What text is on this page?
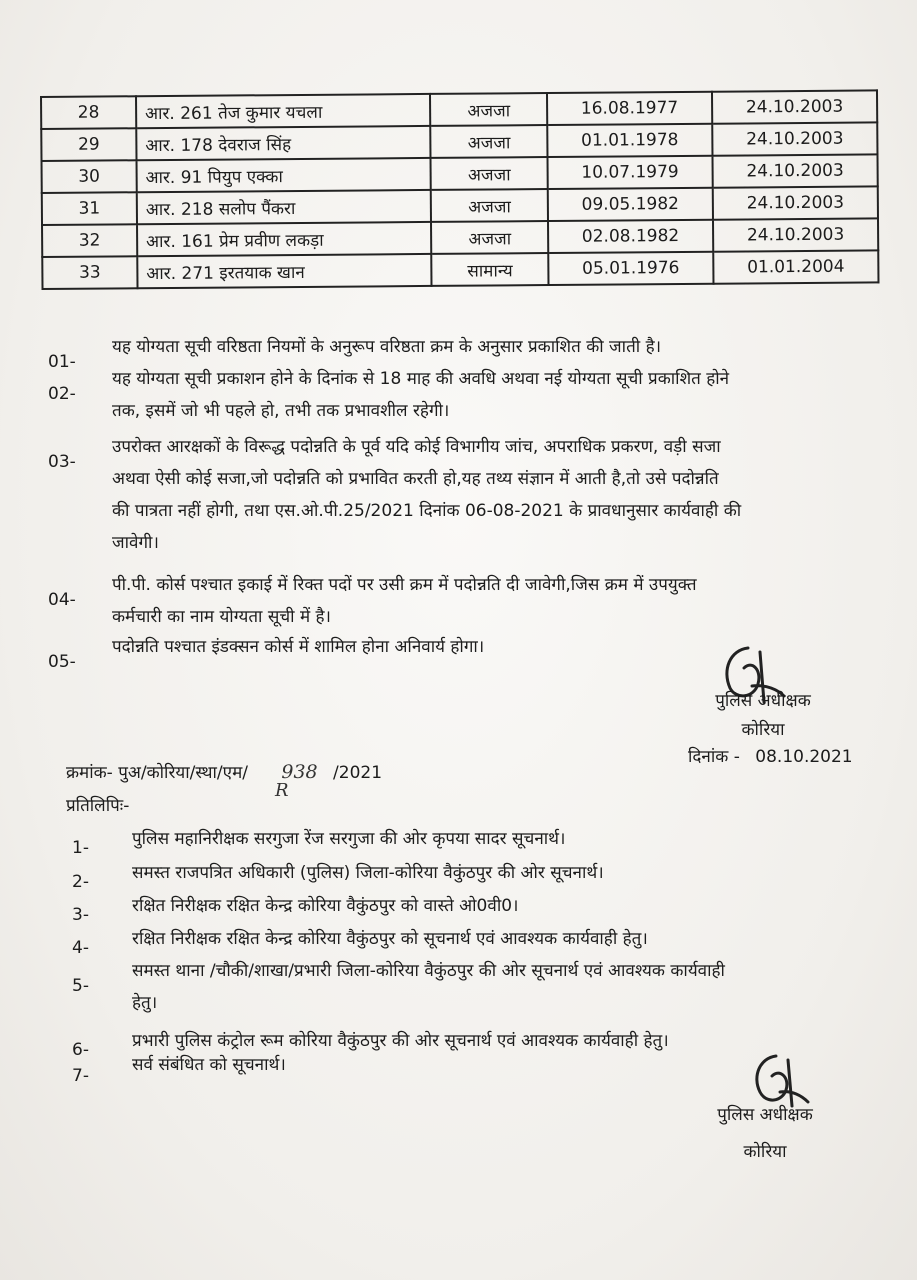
28	आर. 261 तेज कुमार यचला	अजजा	16.08.1977	24.10.2003
29	आर. 178 देवराज सिंह	अजजा	01.01.1978	24.10.2003
30	आर. 91 पियुप एक्का	अजजा	10.07.1979	24.10.2003
31	आर. 218 सलोप पैंकरा	अजजा	09.05.1982	24.10.2003
32	आर. 161 प्रेम प्रवीण लकड़ा	अजजा	02.08.1982	24.10.2003
33	आर. 271 इरतयाक खान	सामान्य	05.01.1976	01.01.2004
01-
यह योग्यता सूची वरिष्ठता नियमों के अनुरूप वरिष्ठता क्रम के अनुसार प्रकाशित की जाती है।
02-
यह योग्यता सूची प्रकाशन होने के दिनांक से 18 माह की अवधि अथवा नई योग्यता सूची प्रकाशित होने
तक, इसमें जो भी पहले हो, तभी तक प्रभावशील रहेगी।
03-
उपरोक्त आरक्षकों के विरूद्ध पदोन्नति के पूर्व यदि कोई विभागीय जांच, अपराधिक प्रकरण, वड़ी सजा
अथवा ऐसी कोई सजा,जो पदोन्नति को प्रभावित करती हो,यह तथ्य संज्ञान में आती है,तो उसे पदोन्नति
की पात्रता नहीं होगी, तथा एस.ओ.पी.25/2021 दिनांक 06-08-2021 के प्रावधानुसार कार्यवाही की
जावेगी।
04-
पी.पी. कोर्स पश्चात इकाई में रिक्त पदों पर उसी क्रम में पदोन्नति दी जावेगी,जिस क्रम में उपयुक्त
कर्मचारी का नाम योग्यता सूची में है।
05-
पदोन्नति पश्चात इंडक्सन कोर्स में शामिल होना अनिवार्य होगा।
पुलिस अधीक्षक
कोरिया
दिनांक - 08.10.2021
क्रमांक- पुअ/कोरिया/स्था/एम/ 938 /2021
R
प्रतिलिपिः-
1-	पुलिस महानिरीक्षक सरगुजा रेंज सरगुजा की ओर कृपया सादर सूचनार्थ।
2-	समस्त राजपत्रित अधिकारी (पुलिस) जिला-कोरिया वैकुंठपुर की ओर सूचनार्थ।
3-	रक्षित निरीक्षक रक्षित केन्द्र कोरिया वैकुंठपुर को वास्ते ओ0वी0।
4-	रक्षित निरीक्षक रक्षित केन्द्र कोरिया वैकुंठपुर को सूचनार्थ एवं आवश्यक कार्यवाही हेतु।
5-
समस्त थाना /चौकी/शाखा/प्रभारी जिला-कोरिया वैकुंठपुर की ओर सूचनार्थ एवं आवश्यक कार्यवाही
हेतु।
6-	प्रभारी पुलिस कंट्रोल रूम कोरिया वैकुंठपुर की ओर सूचनार्थ एवं आवश्यक कार्यवाही हेतु।
7-
सर्व संबंधित को सूचनार्थ।
पुलिस अधीक्षक
कोरिया
